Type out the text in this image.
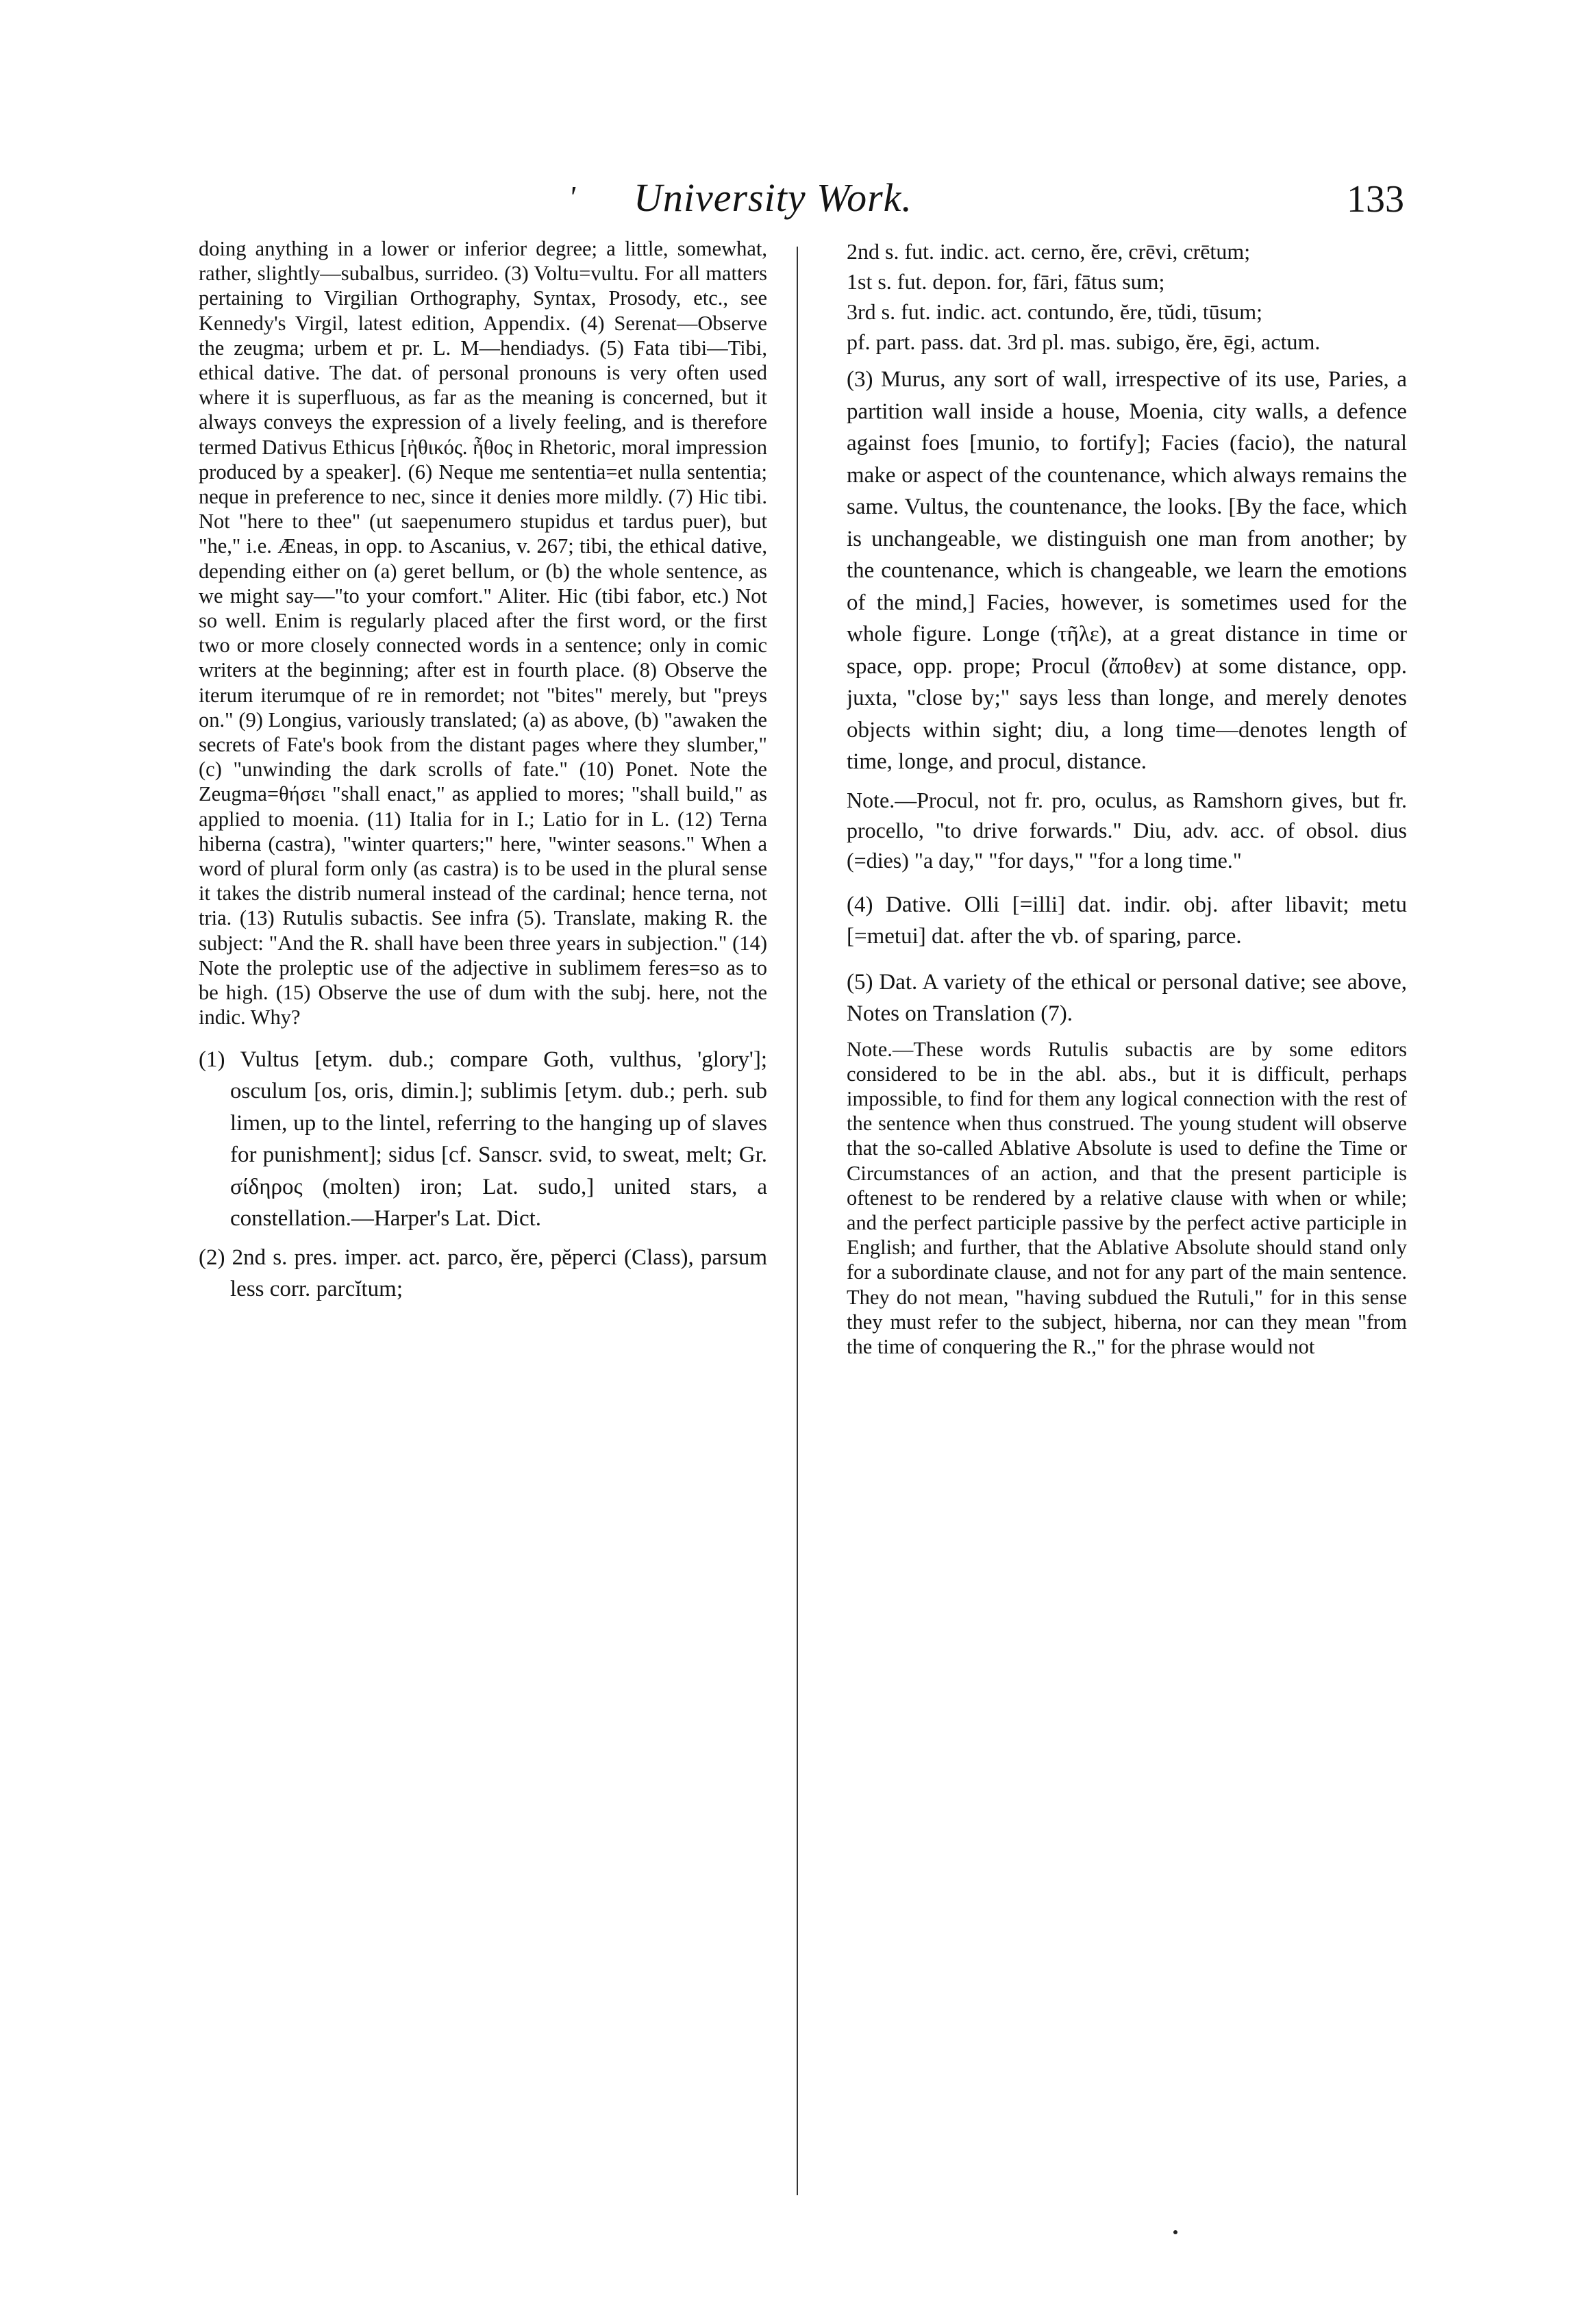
' University Work.	133

doing anything in a lower or inferior degree; a little, somewhat, rather, slightly—subalbus, surrideo. (3) Voltu=vultu. For all matters pertaining to Virgilian Orthography, Syntax, Prosody, etc., see Kennedy's Virgil, latest edition, Appendix. (4) Serenat—Observe the zeugma; urbem et pr. L. M—hendiadys. (5) Fata tibi—Tibi, ethical dative. The dat. of personal pronouns is very often used where it is superfluous, as far as the meaning is concerned, but it always conveys the expression of a lively feeling, and is therefore termed Dativus Ethicus [ἠθικός. ἦθος in Rhetoric, moral impression produced by a speaker]. (6) Neque me sententia=et nulla sententia; neque in preference to nec, since it denies more mildly. (7) Hic tibi. Not "here to thee" (ut saepenumero stupidus et tardus puer), but "he," i.e. Æneas, in opp. to Ascanius, v. 267; tibi, the ethical dative, depending either on (a) geret bellum, or (b) the whole sentence, as we might say—"to your comfort." Aliter. Hic (tibi fabor, etc.) Not so well. Enim is regularly placed after the first word, or the first two or more closely connected words in a sentence; only in comic writers at the beginning; after est in fourth place. (8) Observe the iterum iterumque of re in remordet; not "bites" merely, but "preys on." (9) Longius, variously translated; (a) as above, (b) "awaken the secrets of Fate's book from the distant pages where they slumber," (c) "unwinding the dark scrolls of fate." (10) Ponet. Note the Zeugma=θήσει "shall enact," as applied to mores; "shall build," as applied to moenia. (11) Italia for in I.; Latio for in L. (12) Terna hiberna (castra), "winter quarters;" here, "winter seasons." When a word of plural form only (as castra) is to be used in the plural sense it takes the distrib numeral instead of the cardinal; hence terna, not tria. (13) Rutulis subactis. See infra (5). Translate, making R. the subject: "And the R. shall have been three years in subjection." (14) Note the proleptic use of the adjective in sublimem feres=so as to be high. (15) Observe the use of dum with the subj. here, not the indic. Why?

(1) Vultus [etym. dub.; compare Goth, vulthus, 'glory']; osculum [os, oris, dimin.]; sublimis [etym. dub.; perh. sub limen, up to the lintel, referring to the hanging up of slaves for punishment]; sidus [cf. Sanscr. svid, to sweat, melt; Gr. σίδηρος (molten) iron; Lat. sudo,] united stars, a constellation.—Harper's Lat. Dict.

(2) 2nd s. pres. imper. act. parco, ĕre, pĕperci (Class), parsum less corr. parcĭtum;

2nd s. fut. indic. act. cerno, ĕre, crēvi, crētum;

1st s. fut. depon. for, fāri, fātus sum;

3rd s. fut. indic. act. contundo, ĕre, tŭdi, tūsum;

pf. part. pass. dat. 3rd pl. mas. subigo, ĕre, ēgi, actum.

(3) Murus, any sort of wall, irrespective of its use, Paries, a partition wall inside a house, Moenia, city walls, a defence against foes [munio, to fortify]; Facies (facio), the natural make or aspect of the countenance, which always remains the same. Vultus, the countenance, the looks. [By the face, which is unchangeable, we distinguish one man from another; by the countenance, which is changeable, we learn the emotions of the mind,] Facies, however, is sometimes used for the whole figure. Longe (τῆλε), at a great distance in time or space, opp. prope; Procul (ἄποθεν) at some distance, opp. juxta, "close by;" says less than longe, and merely denotes objects within sight; diu, a long time—denotes length of time, longe, and procul, distance.

Note.—Procul, not fr. pro, oculus, as Ramshorn gives, but fr. procello, "to drive forwards." Diu, adv. acc. of obsol. dius (=dies) "a day," "for days," "for a long time."

(4) Dative. Olli [=illi] dat. indir. obj. after libavit; metu [=metui] dat. after the vb. of sparing, parce.

(5) Dat. A variety of the ethical or personal dative; see above, Notes on Translation (7).

Note.—These words Rutulis subactis are by some editors considered to be in the abl. abs., but it is difficult, perhaps impossible, to find for them any logical connection with the rest of the sentence when thus construed. The young student will observe that the so-called Ablative Absolute is used to define the Time or Circumstances of an action, and that the present participle is oftenest to be rendered by a relative clause with when or while; and the perfect participle passive by the perfect active participle in English; and further, that the Ablative Absolute should stand only for a subordinate clause, and not for any part of the main sentence. They do not mean, "having subdued the Rutuli," for in this sense they must refer to the subject, hiberna, nor can they mean "from the time of conquering the R.," for the phrase would not
